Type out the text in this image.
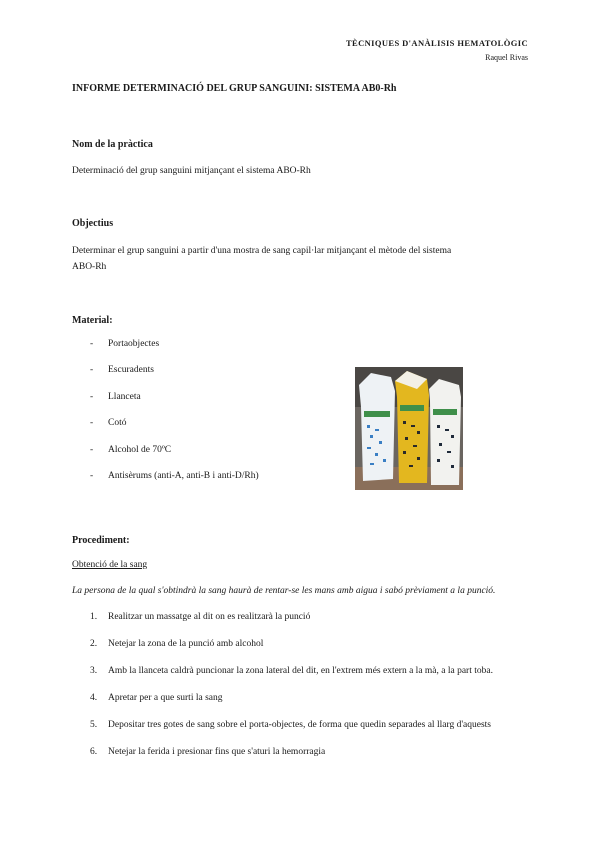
TÈCNIQUES D'ANÀLISIS HEMATOLÒGIC
Raquel Rivas
INFORME DETERMINACIÓ DEL GRUP SANGUINI: SISTEMA AB0-Rh
Nom de la pràctica
Determinació del grup sanguini mitjançant el sistema ABO-Rh
Objectius
Determinar el grup sanguini a partir d'una mostra de sang capil·lar mitjançant el mètode del sistema
ABO-Rh
Material:
-	Portaobjectes
-	Escuradents
-	Llanceta
-	Cotó
-	Alcohol de 70ºC
-	Antisèrums (anti-A, anti-B i anti-D/Rh)
Procediment:
Obtenció de la sang
La persona de la qual s'obtindrà la sang haurà de rentar-se les mans amb aigua i sabó prèviament a la punció.
1.	Realitzar un massatge al dit on es realitzarà la punció
2.	Netejar la zona de la punció amb alcohol
3.	Amb la llanceta caldrà puncionar la zona lateral del dit, en l'extrem més extern a la mà, a la part toba.
4.	Apretar per a que surti la sang
5.	Depositar tres gotes de sang sobre el porta-objectes, de forma que quedin separades al llarg d'aquests
6.	Netejar la ferida i presionar fins que s'aturi la hemorragia
